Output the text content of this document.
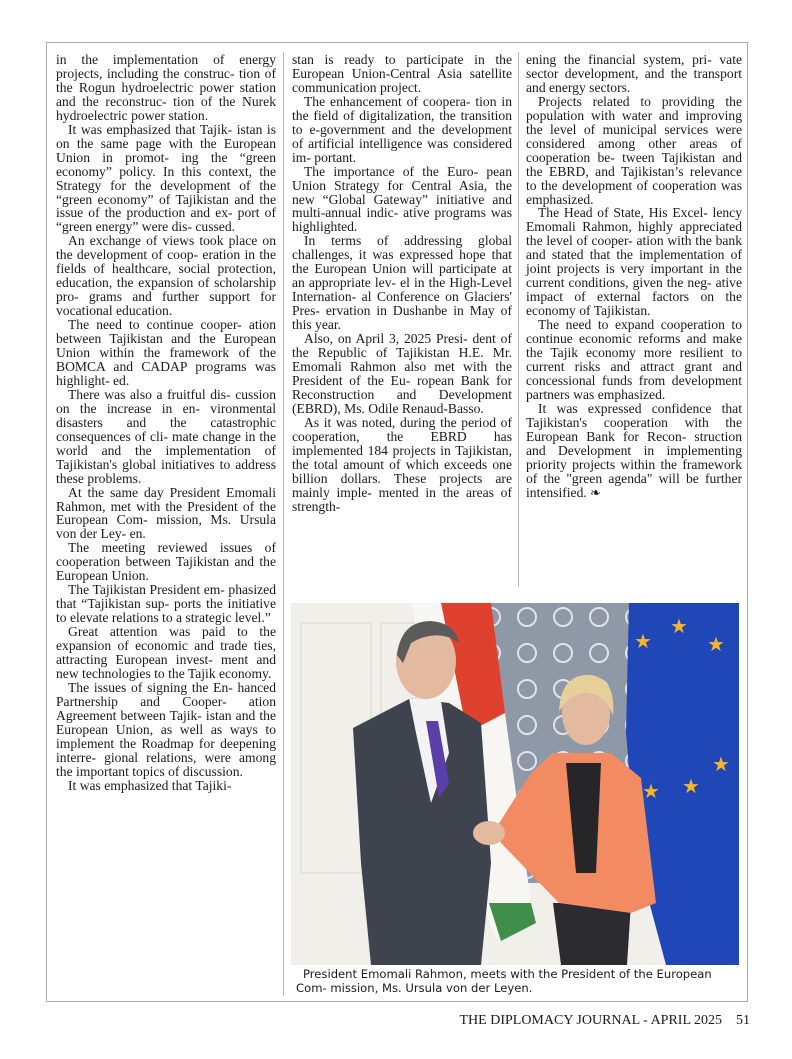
in the implementation of energy projects, including the construc- tion of the Rogun hydroelectric power station and the reconstruc- tion of the Nurek hydroelectric power station.

It was emphasized that Tajik- istan is on the same page with the European Union in promot- ing the “green economy” policy. In this context, the Strategy for the development of the “green economy” of Tajikistan and the issue of the production and ex- port of “green energy” were dis- cussed.

An exchange of views took place on the development of coop- eration in the fields of healthcare, social protection, education, the expansion of scholarship pro- grams and further support for vocational education.

The need to continue cooper- ation between Tajikistan and the European Union within the framework of the BOMCA and CADAP programs was highlight- ed.

There was also a fruitful dis- cussion on the increase in en- vironmental disasters and the catastrophic consequences of cli- mate change in the world and the implementation of Tajikistan's global initiatives to address these problems.

At the same day President Emomali Rahmon, met with the President of the European Com- mission, Ms. Ursula von der Ley- en.

The meeting reviewed issues of cooperation between Tajikistan and the European Union.

The Tajikistan President em- phasized that “Tajikistan sup- ports the initiative to elevate relations to a strategic level.”

Great attention was paid to the expansion of economic and trade ties, attracting European invest- ment and new technologies to the Tajik economy.

The issues of signing the En- hanced Partnership and Cooper- ation Agreement between Tajik- istan and the European Union, as well as ways to implement the Roadmap for deepening interre- gional relations, were among the important topics of discussion.

It was emphasized that Tajiki-

stan is ready to participate in the European Union-Central Asia satellite communication project.

The enhancement of coopera- tion in the field of digitalization, the transition to e-government and the development of artificial intelligence was considered im- portant.

The importance of the Euro- pean Union Strategy for Central Asia, the new “Global Gateway” initiative and multi-annual indic- ative programs was highlighted.

In terms of addressing global challenges, it was expressed hope that the European Union will participate at an appropriate lev- el in the High-Level Internation- al Conference on Glaciers' Pres- ervation in Dushanbe in May of this year.

Also, on April 3, 2025 Presi- dent of the Republic of Tajikistan H.E. Mr. Emomali Rahmon also met with the President of the Eu- ropean Bank for Reconstruction and Development (EBRD), Ms. Odile Renaud-Basso.

As it was noted, during the period of cooperation, the EBRD has implemented 184 projects in Tajikistan, the total amount of which exceeds one billion dollars. These projects are mainly imple- mented in the areas of strength-

ening the financial system, pri- vate sector development, and the transport and energy sectors.

Projects related to providing the population with water and improving the level of municipal services were considered among other areas of cooperation be- tween Tajikistan and the EBRD, and Tajikistan’s relevance to the development of cooperation was emphasized.

The Head of State, His Excel- lency Emomali Rahmon, highly appreciated the level of cooper- ation with the bank and stated that the implementation of joint projects is very important in the current conditions, given the neg- ative impact of external factors on the economy of Tajikistan.

The need to expand cooperation to continue economic reforms and make the Tajik economy more resilient to current risks and attract grant and concessional funds from development partners was emphasized.

It was expressed confidence that Tajikistan's cooperation with the European Bank for Recon- struction and Development in implementing priority projects within the framework of the "green agenda" will be further intensified. ❧

★
★
★
★ ★
★
President Emomali Rahmon, meets with the President of the European Com- mission, Ms. Ursula von der Leyen.
THE DIPLOMACY JOURNAL - APRIL 2025 51
